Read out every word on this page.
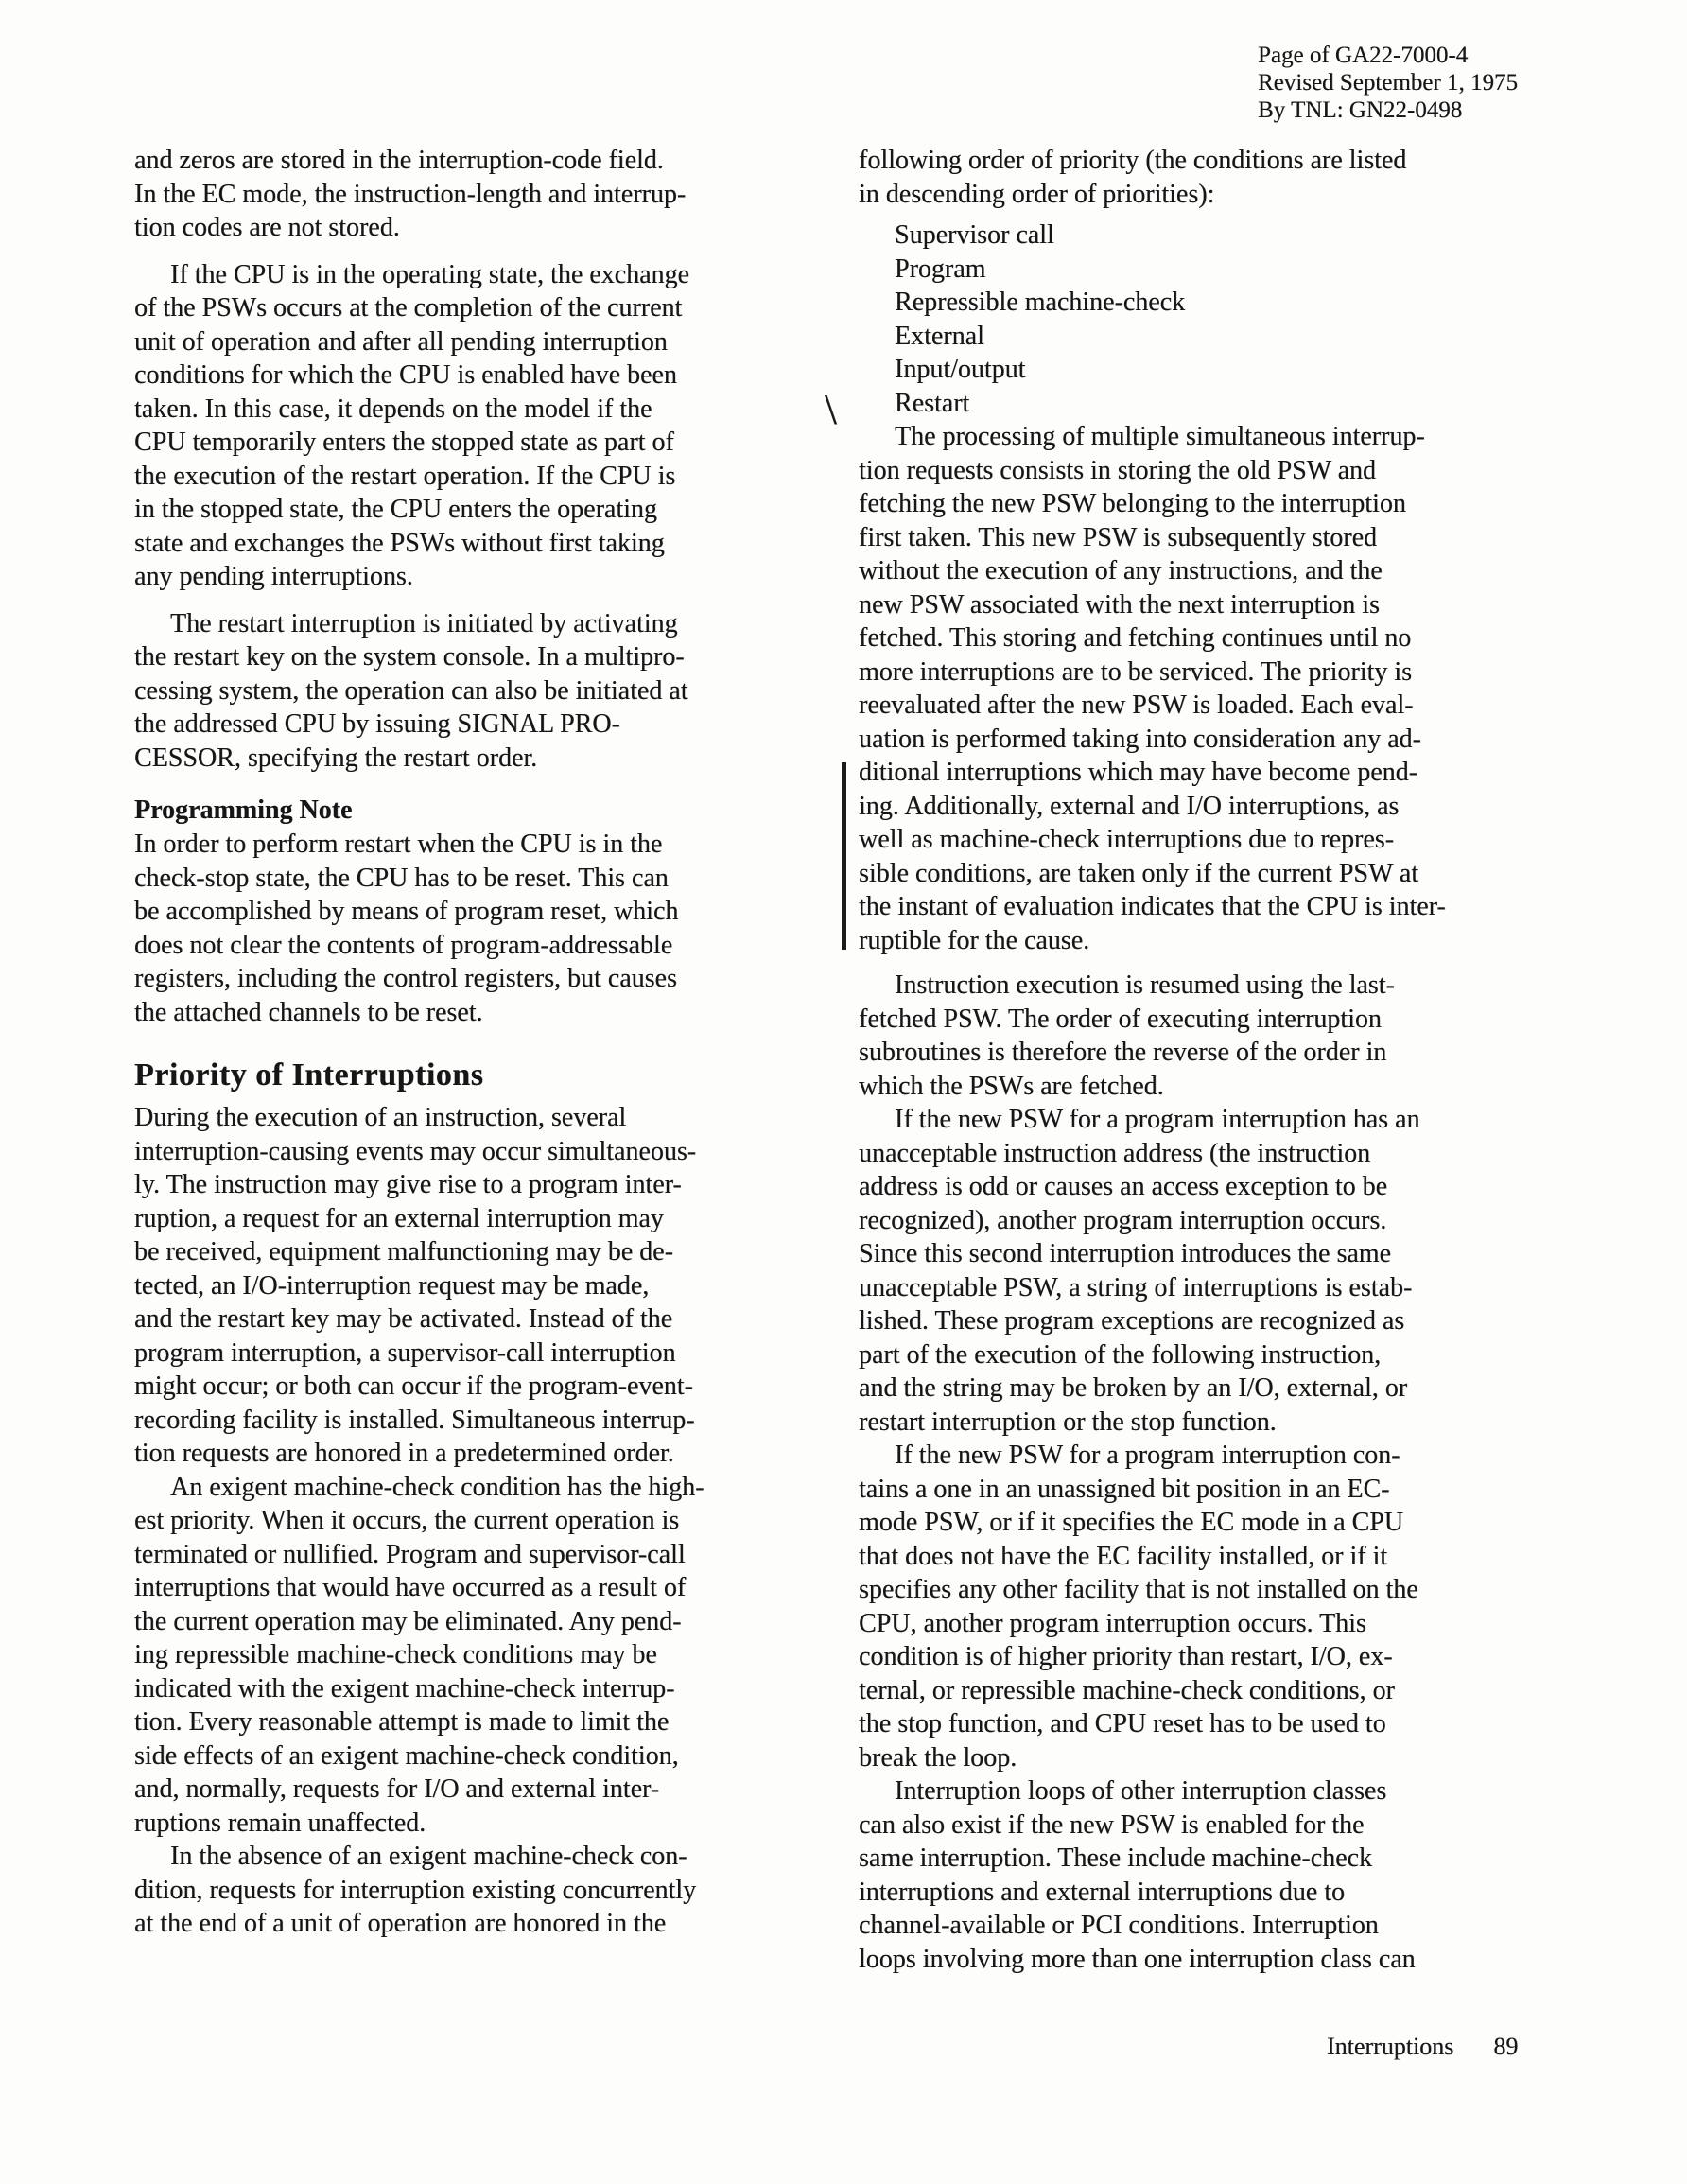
Page of GA22-7000-4
Revised September 1, 1975
By TNL: GN22-0498
and zeros are stored in the interruption-code field.
In the EC mode, the instruction-length and interrup-
tion codes are not stored.
If the CPU is in the operating state, the exchange
of the PSWs occurs at the completion of the current
unit of operation and after all pending interruption
conditions for which the CPU is enabled have been
taken. In this case, it depends on the model if the
CPU temporarily enters the stopped state as part of
the execution of the restart operation. If the CPU is
in the stopped state, the CPU enters the operating
state and exchanges the PSWs without first taking
any pending interruptions.
The restart interruption is initiated by activating
the restart key on the system console. In a multipro-
cessing system, the operation can also be initiated at
the addressed CPU by issuing SIGNAL PRO-
CESSOR, specifying the restart order.
Programming Note
In order to perform restart when the CPU is in the
check-stop state, the CPU has to be reset. This can
be accomplished by means of program reset, which
does not clear the contents of program-addressable
registers, including the control registers, but causes
the attached channels to be reset.
Priority of Interruptions
During the execution of an instruction, several
interruption-causing events may occur simultaneous-
ly. The instruction may give rise to a program inter-
ruption, a request for an external interruption may
be received, equipment malfunctioning may be de-
tected, an I/O-interruption request may be made,
and the restart key may be activated. Instead of the
program interruption, a supervisor-call interruption
might occur; or both can occur if the program-event-
recording facility is installed. Simultaneous interrup-
tion requests are honored in a predetermined order.
An exigent machine-check condition has the high-
est priority. When it occurs, the current operation is
terminated or nullified. Program and supervisor-call
interruptions that would have occurred as a result of
the current operation may be eliminated. Any pend-
ing repressible machine-check conditions may be
indicated with the exigent machine-check interrup-
tion. Every reasonable attempt is made to limit the
side effects of an exigent machine-check condition,
and, normally, requests for I/O and external inter-
ruptions remain unaffected.
In the absence of an exigent machine-check con-
dition, requests for interruption existing concurrently
at the end of a unit of operation are honored in the
following order of priority (the conditions are listed
in descending order of priorities):
Supervisor call
Program
Repressible machine-check
External
Input/output
Restart
The processing of multiple simultaneous interrup-
tion requests consists in storing the old PSW and
fetching the new PSW belonging to the interruption
first taken. This new PSW is subsequently stored
without the execution of any instructions, and the
new PSW associated with the next interruption is
fetched. This storing and fetching continues until no
more interruptions are to be serviced. The priority is
reevaluated after the new PSW is loaded. Each eval-
uation is performed taking into consideration any ad-
ditional interruptions which may have become pend-
ing. Additionally, external and I/O interruptions, as
well as machine-check interruptions due to repres-
sible conditions, are taken only if the current PSW at
the instant of evaluation indicates that the CPU is inter-
ruptible for the cause.
Instruction execution is resumed using the last-
fetched PSW. The order of executing interruption
subroutines is therefore the reverse of the order in
which the PSWs are fetched.
If the new PSW for a program interruption has an
unacceptable instruction address (the instruction
address is odd or causes an access exception to be
recognized), another program interruption occurs.
Since this second interruption introduces the same
unacceptable PSW, a string of interruptions is estab-
lished. These program exceptions are recognized as
part of the execution of the following instruction,
and the string may be broken by an I/O, external, or
restart interruption or the stop function.
If the new PSW for a program interruption con-
tains a one in an unassigned bit position in an EC-
mode PSW, or if it specifies the EC mode in a CPU
that does not have the EC facility installed, or if it
specifies any other facility that is not installed on the
CPU, another program interruption occurs. This
condition is of higher priority than restart, I/O, ex-
ternal, or repressible machine-check conditions, or
the stop function, and CPU reset has to be used to
break the loop.
Interruption loops of other interruption classes
can also exist if the new PSW is enabled for the
same interruption. These include machine-check
interruptions and external interruptions due to
channel-available or PCI conditions. Interruption
loops involving more than one interruption class can
\
Interruptions 89
